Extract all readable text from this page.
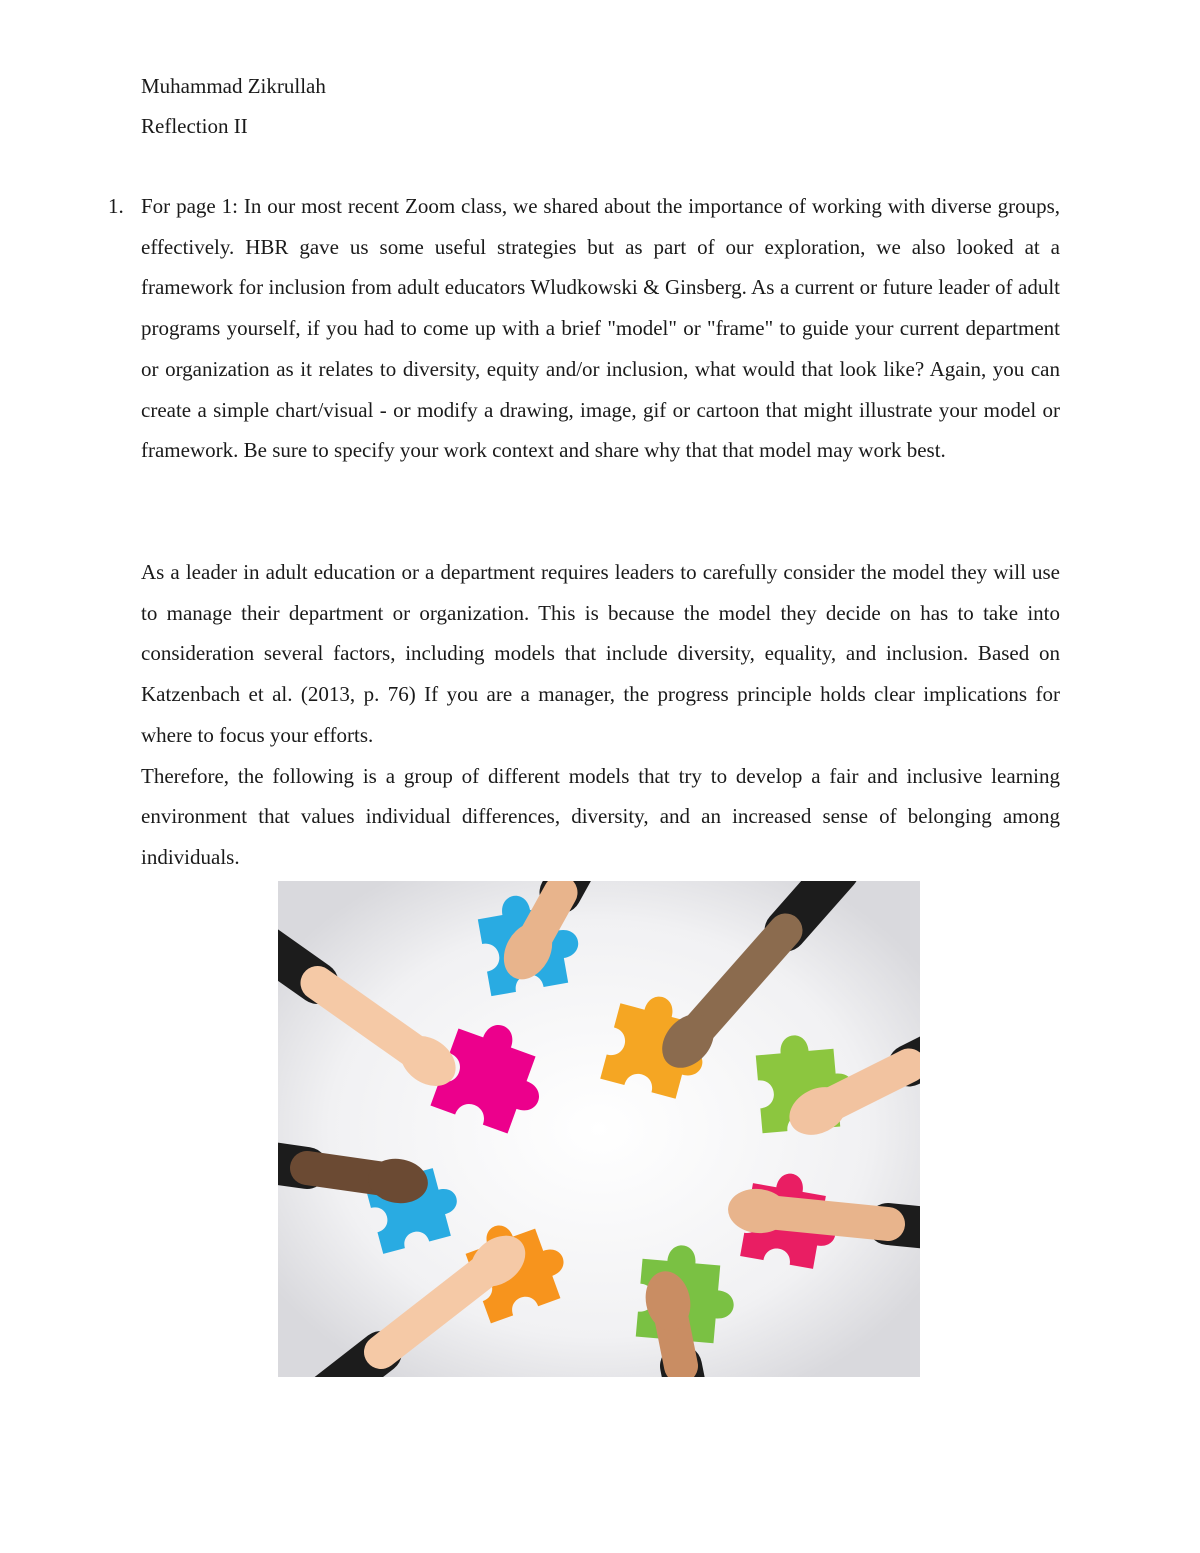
Muhammad Zikrullah
Reflection II
1. For page 1: In our most recent Zoom class, we shared about the importance of working with diverse groups, effectively. HBR gave us some useful strategies but as part of our exploration, we also looked at a framework for inclusion from adult educators Wludkowski & Ginsberg. As a current or future leader of adult programs yourself, if you had to come up with a brief "model" or "frame" to guide your current department or organization as it relates to diversity, equity and/or inclusion, what would that look like? Again, you can create a simple chart/visual - or modify a drawing, image, gif or cartoon that might illustrate your model or framework. Be sure to specify your work context and share why that that model may work best.

As a leader in adult education or a department requires leaders to carefully consider the model they will use to manage their department or organization. This is because the model they decide on has to take into consideration several factors, including models that include diversity, equality, and inclusion. Based on Katzenbach et al. (2013, p. 76) If you are a manager, the progress principle holds clear implications for where to focus your efforts.

Therefore, the following is a group of different models that try to develop a fair and inclusive learning environment that values individual differences, diversity, and an increased sense of belonging among individuals.
